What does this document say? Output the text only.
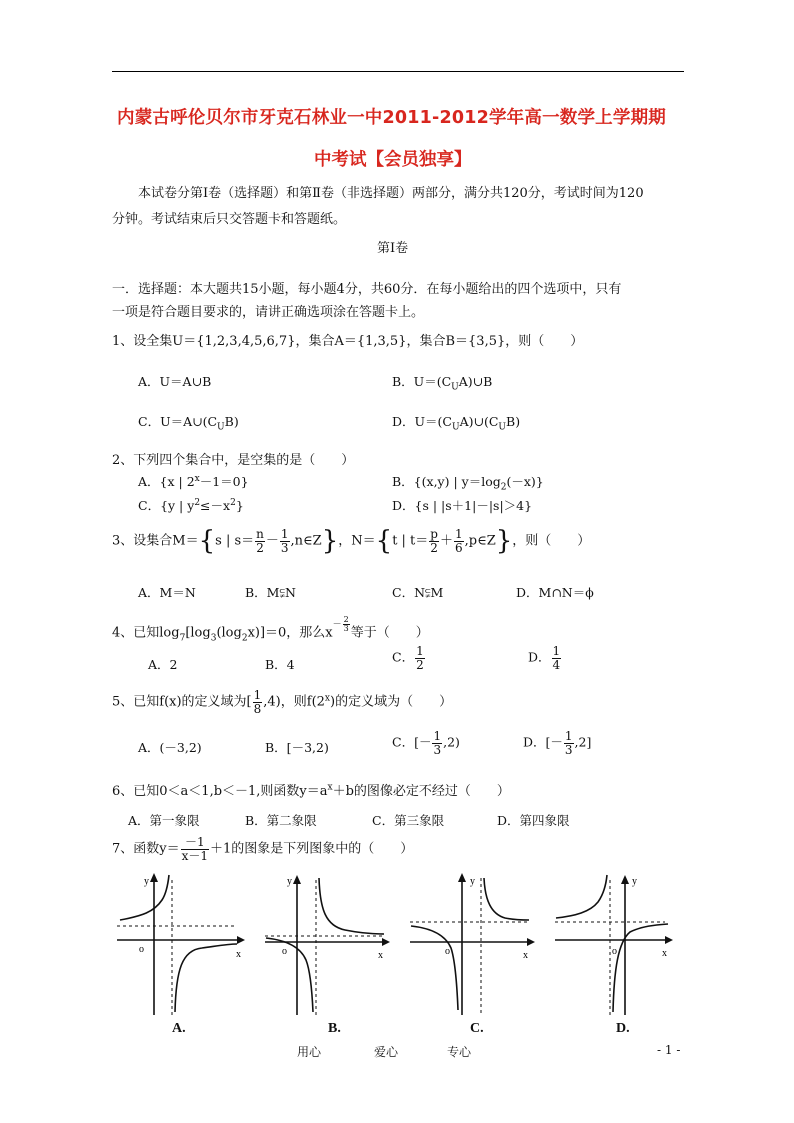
内蒙古呼伦贝尔市牙克石林业一中2011-2012学年高一数学上学期期
中考试【会员独享】
本试卷分第Ⅰ卷（选择题）和第Ⅱ卷（非选择题）两部分，满分共120分，考试时间为120
分钟。考试结束后只交答题卡和答题纸。
第Ⅰ卷
一．选择题：本大题共15小题，每小题4分，共60分．在每小题给出的四个选项中，只有
一项是符合题目要求的，请讲正确选项涂在答题卡上。
1、设全集U＝{1,2,3,4,5,6,7}，集合A＝{1,3,5}，集合B＝{3,5}，则（　　）
A．U＝A∪B	B．$U=(C_UA)\cup B$
C．$U=A\cup(C_UB)$	D．$U=(C_UA)\cup(C_UB)$
2、下列四个集合中，是空集的是（　　）
A．{x | $2^x-1=0$}	B．{(x,y) | $y=\log_2(-x)$}
C．{y | $y^2\le-x^2$}	D．{s | |s＋1|－|s|＞4}
3、设集合M＝{s | $s= \frac{n}{2} - \frac{1}{3}$ ,n∈Z}，N＝{t | $t= \frac{p}{2} + \frac{1}{6}$ ,p∈Z}，则（　　）
A．M＝N	B．M⫋N	C．N⫋M	D．M∩N＝ϕ
4、已知$\log_7[\log_3(\log_2x)]=0$，那么$x^{- \frac{2}{3}}$ 等于（　　）
A．2	B．4	C． $\frac{1}{2}$	D． $\frac{1}{4}$
5、已知f(x)的定义域为[ $\frac{1}{8} ,4$)，则f(2$^x$)的定义域为（　　）
A．(－3,2)	B．[－3,2)	C．[－ $\frac{1}{3} ,2$)	D．[－ $\frac{1}{3} ,2$]
6、已知0＜a＜1,b＜－1,则函数$y=a^x+b$的图像必定不经过（　　）
A．第一象限	B．第二象限	C．第三象限	D．第四象限
7、函数$y= \frac{-1}{x-1} +1$的图象是下列图象中的（　　）
o	x
y
A.
o	x
y
B.
o	x
y
C.
o	x
y
D.
用心	爱心	专心	- 1 -
